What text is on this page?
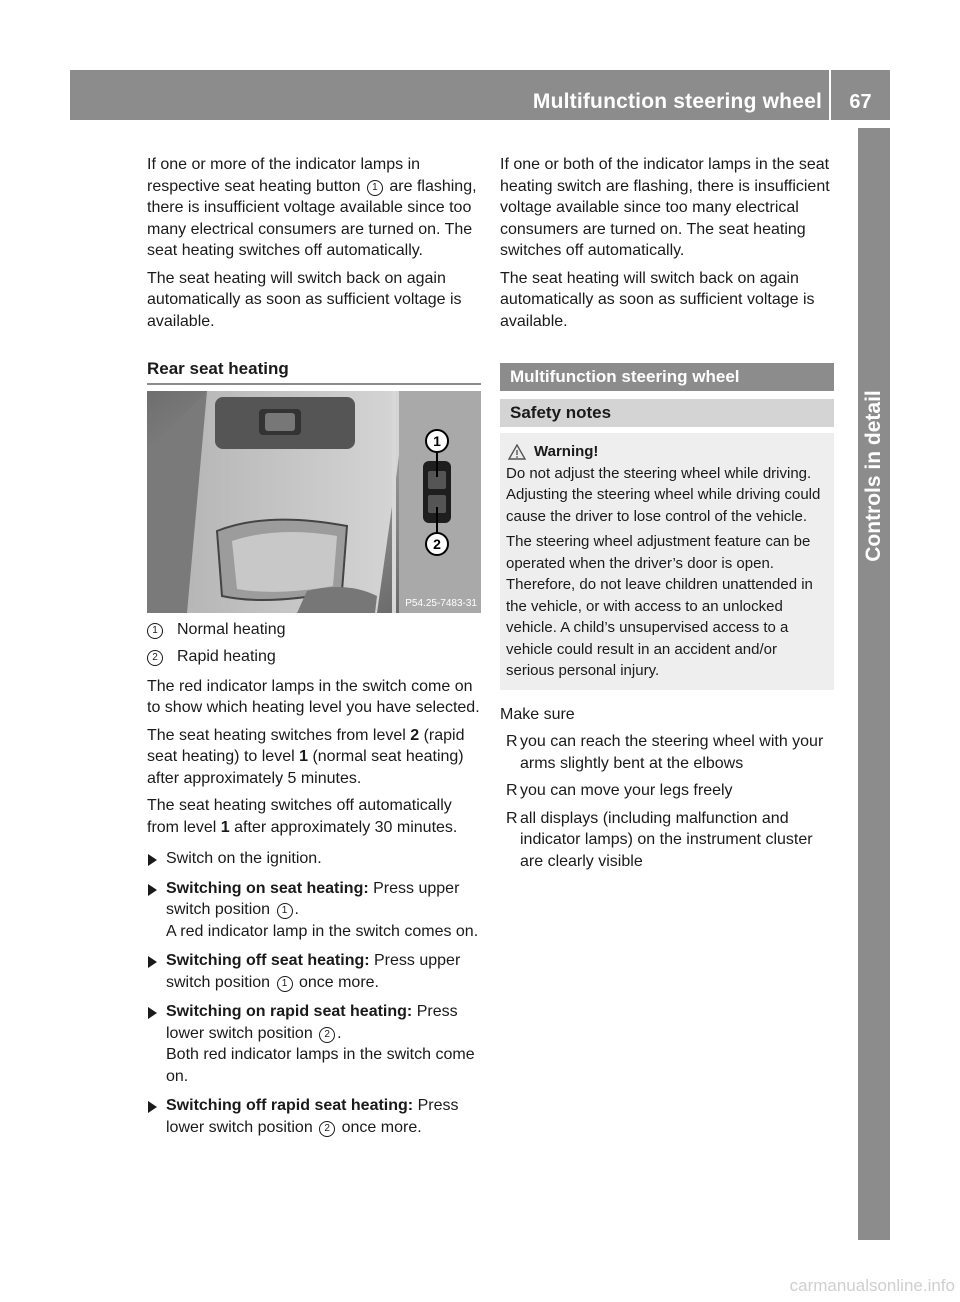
Multifunction steering wheel	67
Controls in detail

If one or more of the indicator lamps in respective seat heating button 1 are flashing, there is insufficient voltage available since too many electrical consumers are turned on. The seat heating switches off automatically.

The seat heating will switch back on again automatically as soon as sufficient voltage is available.

Rear seat heating
1
2
P54.25-7483-31

1 Normal heating

2 Rapid heating

The red indicator lamps in the switch come on to show which heating level you have selected.

The seat heating switches from level 2 (rapid seat heating) to level 1 (normal seat heating) after approximately 5 minutes.

The seat heating switches off automatically from level 1 after approximately 30 minutes.

Switch on the ignition.
Switching on seat heating: Press upper switch position 1 .
A red indicator lamp in the switch comes on.
Switching off seat heating: Press upper switch position 1 once more.
Switching on rapid seat heating: Press lower switch position 2 .
Both red indicator lamps in the switch come on.
Switching off rapid seat heating: Press lower switch position 2 once more.

If one or both of the indicator lamps in the seat heating switch are flashing, there is insufficient voltage available since too many electrical consumers are turned on. The seat heating switches off automatically.

The seat heating will switch back on again automatically as soon as sufficient voltage is available.

Multifunction steering wheel
Safety notes
Warning!

Do not adjust the steering wheel while driving. Adjusting the steering wheel while driving could cause the driver to lose control of the vehicle.

The steering wheel adjustment feature can be operated when the driver’s door is open. Therefore, do not leave children unattended in the vehicle, or with access to an unlocked vehicle. A child’s unsupervised access to a vehicle could result in an accident and/or serious personal injury.

Make sure

R you can reach the steering wheel with your arms slightly bent at the elbows
R you can move your legs freely
R all displays (including malfunction and indicator lamps) on the instrument cluster are clearly visible
carmanualsonline.info
